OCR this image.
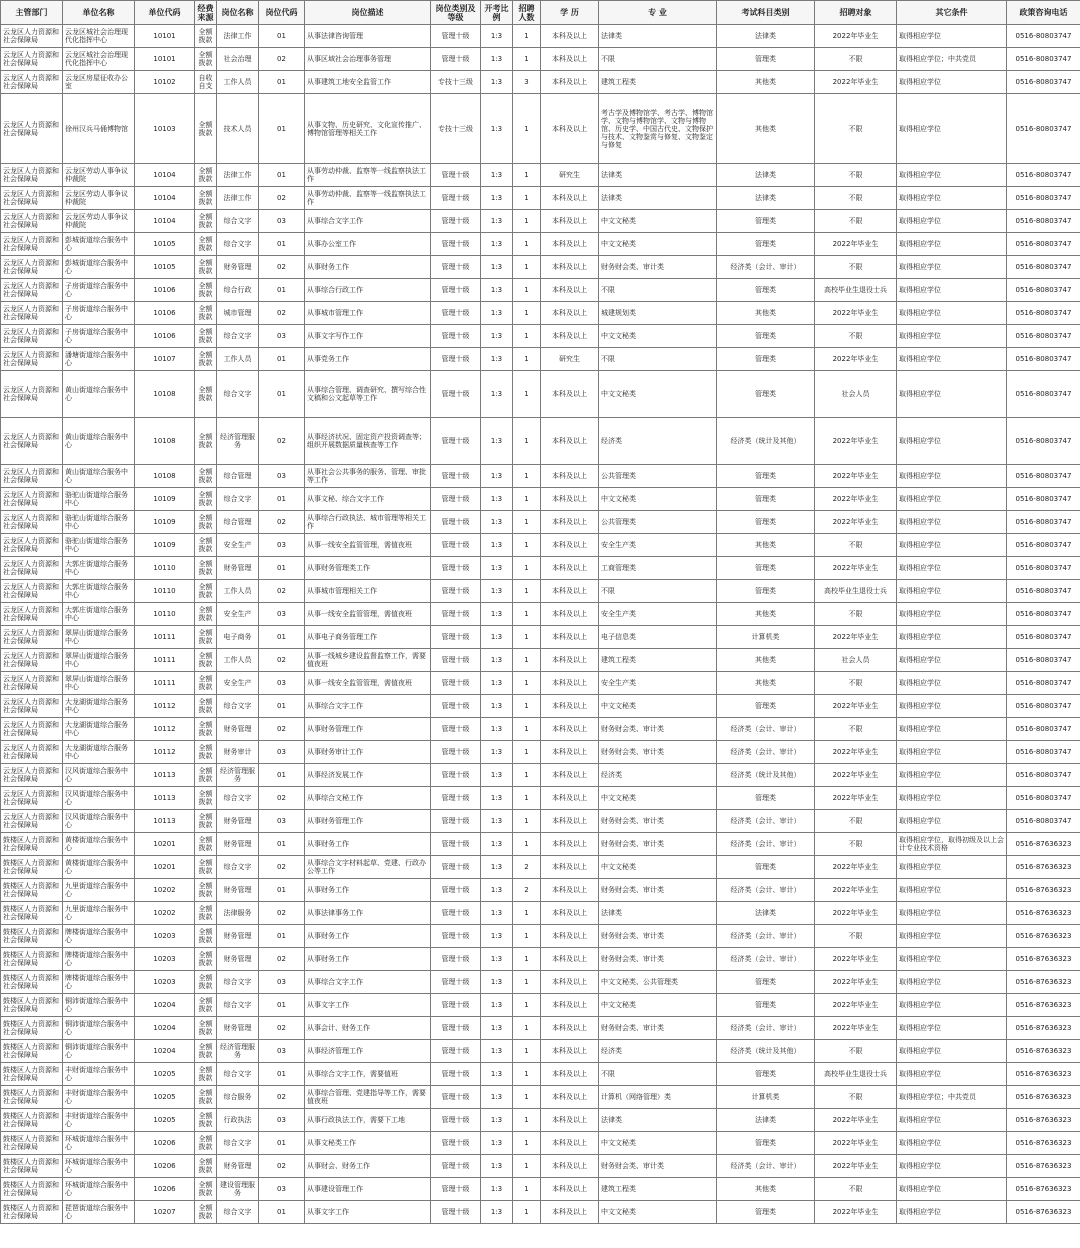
主管部门	单位名称	单位代码	经费来源	岗位名称	岗位代码	岗位描述	岗位类别及等级	开考比例	招聘人数	学 历	专 业	考试科目类别	招聘对象	其它条件	政策咨询电话
云龙区人力资源和社会保障局	云龙区城社会治理现代化指挥中心	10101	全额拨款	法律工作	01	从事法律咨询管理	管理十级	1:3	1	本科及以上	法律类	法律类	2022年毕业生	取得相应学位	0516-80803747
云龙区人力资源和社会保障局	云龙区城社会治理现代化指挥中心	10101	全额拨款	社会治理	02	从事区域社会治理事务管理	管理十级	1:3	1	本科及以上	不限	管理类	不限	取得相应学位；中共党员	0516-80803747
云龙区人力资源和社会保障局	云龙区房屋征收办公室	10102	自收自支	工作人员	01	从事建筑工地安全监管工作	专技十三级	1:3	3	本科及以上	建筑工程类	其他类	2022年毕业生	取得相应学位	0516-80803747
云龙区人力资源和社会保障局	徐州汉兵马俑博物馆	10103	全额拨款	技术人员	01	从事文物、历史研究、文化宣传推广、博物馆管理等相关工作	专技十三级	1:3	1	本科及以上	考古学及博物馆学、考古学、博物馆学、文物与博物馆学、文物与博物馆、历史学、中国古代史、文物保护与技术、文物鉴赏与修复、文物鉴定与修复	其他类	不限	取得相应学位	0516-80803747
云龙区人力资源和社会保障局	云龙区劳动人事争议仲裁院	10104	全额拨款	法律工作	01	从事劳动仲裁、监察等一线监察执法工作	管理十级	1:3	1	研究生	法律类	法律类	不限	取得相应学位	0516-80803747
云龙区人力资源和社会保障局	云龙区劳动人事争议仲裁院	10104	全额拨款	法律工作	02	从事劳动仲裁、监察等一线监察执法工作	管理十级	1:3	1	本科及以上	法律类	法律类	不限	取得相应学位	0516-80803747
云龙区人力资源和社会保障局	云龙区劳动人事争议仲裁院	10104	全额拨款	综合文字	03	从事综合文字工作	管理十级	1:3	1	本科及以上	中文文秘类	管理类	不限	取得相应学位	0516-80803747
云龙区人力资源和社会保障局	彭城街道综合服务中心	10105	全额拨款	综合文字	01	从事办公室工作	管理十级	1:3	1	本科及以上	中文文秘类	管理类	2022年毕业生	取得相应学位	0516-80803747
云龙区人力资源和社会保障局	彭城街道综合服务中心	10105	全额拨款	财务管理	02	从事财务工作	管理十级	1:3	1	本科及以上	财务财会类、审计类	经济类（会计、审计）	不限	取得相应学位	0516-80803747
云龙区人力资源和社会保障局	子房街道综合服务中心	10106	全额拨款	综合行政	01	从事综合行政工作	管理十级	1:3	1	本科及以上	不限	管理类	高校毕业生退役士兵	取得相应学位	0516-80803747
云龙区人力资源和社会保障局	子房街道综合服务中心	10106	全额拨款	城市管理	02	从事城市管理工作	管理十级	1:3	1	本科及以上	城建规划类	其他类	2022年毕业生	取得相应学位	0516-80803747
云龙区人力资源和社会保障局	子房街道综合服务中心	10106	全额拨款	综合文字	03	从事文字写作工作	管理十级	1:3	1	本科及以上	中文文秘类	管理类	不限	取得相应学位	0516-80803747
云龙区人力资源和社会保障局	潘塘街道综合服务中心	10107	全额拨款	工作人员	01	从事党务工作	管理十级	1:3	1	研究生	不限	管理类	2022年毕业生	取得相应学位	0516-80803747
云龙区人力资源和社会保障局	黄山街道综合服务中心	10108	全额拨款	综合文字	01	从事综合管理、调查研究、撰写综合性文稿和公文起草等工作	管理十级	1:3	1	本科及以上	中文文秘类	管理类	社会人员	取得相应学位	0516-80803747
云龙区人力资源和社会保障局	黄山街道综合服务中心	10108	全额拨款	经济管理服务	02	从事经济状况、固定资产投资调查等；组织开展数据质量核查等工作	管理十级	1:3	1	本科及以上	经济类	经济类（统计及其他）	2022年毕业生	取得相应学位	0516-80803747
云龙区人力资源和社会保障局	黄山街道综合服务中心	10108	全额拨款	综合管理	03	从事社会公共事务的服务、管理、审批等工作	管理十级	1:3	1	本科及以上	公共管理类	管理类	2022年毕业生	取得相应学位	0516-80803747
云龙区人力资源和社会保障局	骆驼山街道综合服务中心	10109	全额拨款	综合文字	01	从事文秘、综合文字工作	管理十级	1:3	1	本科及以上	中文文秘类	管理类	2022年毕业生	取得相应学位	0516-80803747
云龙区人力资源和社会保障局	骆驼山街道综合服务中心	10109	全额拨款	综合管理	02	从事综合行政执法、城市管理等相关工作	管理十级	1:3	1	本科及以上	公共管理类	管理类	2022年毕业生	取得相应学位	0516-80803747
云龙区人力资源和社会保障局	骆驼山街道综合服务中心	10109	全额拨款	安全生产	03	从事一线安全监管管理，需值夜班	管理十级	1:3	1	本科及以上	安全生产类	其他类	不限	取得相应学位	0516-80803747
云龙区人力资源和社会保障局	大郭庄街道综合服务中心	10110	全额拨款	财务管理	01	从事财务管理类工作	管理十级	1:3	1	本科及以上	工商管理类	管理类	2022年毕业生	取得相应学位	0516-80803747
云龙区人力资源和社会保障局	大郭庄街道综合服务中心	10110	全额拨款	工作人员	02	从事城市管理相关工作	管理十级	1:3	1	本科及以上	不限	管理类	高校毕业生退役士兵	取得相应学位	0516-80803747
云龙区人力资源和社会保障局	大郭庄街道综合服务中心	10110	全额拨款	安全生产	03	从事一线安全监管管理，需值夜班	管理十级	1:3	1	本科及以上	安全生产类	其他类	不限	取得相应学位	0516-80803747
云龙区人力资源和社会保障局	翠屏山街道综合服务中心	10111	全额拨款	电子商务	01	从事电子商务管理工作	管理十级	1:3	1	本科及以上	电子信息类	计算机类	2022年毕业生	取得相应学位	0516-80803747
云龙区人力资源和社会保障局	翠屏山街道综合服务中心	10111	全额拨款	工作人员	02	从事一线城乡建设监督监察工作，需要值夜班	管理十级	1:3	1	本科及以上	建筑工程类	其他类	社会人员	取得相应学位	0516-80803747
云龙区人力资源和社会保障局	翠屏山街道综合服务中心	10111	全额拨款	安全生产	03	从事一线安全监管管理，需值夜班	管理十级	1:3	1	本科及以上	安全生产类	其他类	不限	取得相应学位	0516-80803747
云龙区人力资源和社会保障局	大龙湖街道综合服务中心	10112	全额拨款	综合文字	01	从事综合文字工作	管理十级	1:3	1	本科及以上	中文文秘类	管理类	2022年毕业生	取得相应学位	0516-80803747
云龙区人力资源和社会保障局	大龙湖街道综合服务中心	10112	全额拨款	财务管理	02	从事财务管理工作	管理十级	1:3	1	本科及以上	财务财会类、审计类	经济类（会计、审计）	不限	取得相应学位	0516-80803747
云龙区人力资源和社会保障局	大龙湖街道综合服务中心	10112	全额拨款	财务审计	03	从事财务审计工作	管理十级	1:3	1	本科及以上	财务财会类、审计类	经济类（会计、审计）	2022年毕业生	取得相应学位	0516-80803747
云龙区人力资源和社会保障局	汉风街道综合服务中心	10113	全额拨款	经济管理服务	01	从事经济发展工作	管理十级	1:3	1	本科及以上	经济类	经济类（统计及其他）	2022年毕业生	取得相应学位	0516-80803747
云龙区人力资源和社会保障局	汉风街道综合服务中心	10113	全额拨款	综合文字	02	从事综合文秘工作	管理十级	1:3	1	本科及以上	中文文秘类	管理类	2022年毕业生	取得相应学位	0516-80803747
云龙区人力资源和社会保障局	汉风街道综合服务中心	10113	全额拨款	财务管理	03	从事财务管理工作	管理十级	1:3	1	本科及以上	财务财会类、审计类	经济类（会计、审计）	不限	取得相应学位	0516-80803747
鼓楼区人力资源和社会保障局	黄楼街道综合服务中心	10201	全额拨款	财务管理	01	从事财务工作	管理十级	1:3	1	本科及以上	财务财会类、审计类	经济类（会计、审计）	不限	取得相应学位，取得初级及以上会计专业技术资格	0516-87636323
鼓楼区人力资源和社会保障局	黄楼街道综合服务中心	10201	全额拨款	综合文字	02	从事综合文字材料起草、党建、行政办公等工作	管理十级	1:3	2	本科及以上	中文文秘类	管理类	2022年毕业生	取得相应学位	0516-87636323
鼓楼区人力资源和社会保障局	九里街道综合服务中心	10202	全额拨款	财务管理	01	从事财务工作	管理十级	1:3	2	本科及以上	财务财会类、审计类	经济类（会计、审计）	2022年毕业生	取得相应学位	0516-87636323
鼓楼区人力资源和社会保障局	九里街道综合服务中心	10202	全额拨款	法律服务	02	从事法律事务工作	管理十级	1:3	1	本科及以上	法律类	法律类	2022年毕业生	取得相应学位	0516-87636323
鼓楼区人力资源和社会保障局	牌楼街道综合服务中心	10203	全额拨款	财务管理	01	从事财务工作	管理十级	1:3	1	本科及以上	财务财会类、审计类	经济类（会计、审计）	不限	取得相应学位	0516-87636323
鼓楼区人力资源和社会保障局	牌楼街道综合服务中心	10203	全额拨款	财务管理	02	从事财务工作	管理十级	1:3	1	本科及以上	财务财会类、审计类	经济类（会计、审计）	2022年毕业生	取得相应学位	0516-87636323
鼓楼区人力资源和社会保障局	牌楼街道综合服务中心	10203	全额拨款	综合文字	03	从事综合文字工作	管理十级	1:3	1	本科及以上	中文文秘类、公共管理类	管理类	2022年毕业生	取得相应学位	0516-87636323
鼓楼区人力资源和社会保障局	铜沛街道综合服务中心	10204	全额拨款	综合文字	01	从事文字工作	管理十级	1:3	1	本科及以上	中文文秘类	管理类	2022年毕业生	取得相应学位	0516-87636323
鼓楼区人力资源和社会保障局	铜沛街道综合服务中心	10204	全额拨款	财务管理	02	从事会计、财务工作	管理十级	1:3	1	本科及以上	财务财会类、审计类	经济类（会计、审计）	2022年毕业生	取得相应学位	0516-87636323
鼓楼区人力资源和社会保障局	铜沛街道综合服务中心	10204	全额拨款	经济管理服务	03	从事经济管理工作	管理十级	1:3	1	本科及以上	经济类	经济类（统计及其他）	不限	取得相应学位	0516-87636323
鼓楼区人力资源和社会保障局	丰财街道综合服务中心	10205	全额拨款	综合文字	01	从事综合文字工作，需要值班	管理十级	1:3	1	本科及以上	不限	管理类	高校毕业生退役士兵	取得相应学位	0516-87636323
鼓楼区人力资源和社会保障局	丰财街道综合服务中心	10205	全额拨款	综合服务	02	从事综合管理、党建指导等工作，需要值夜班	管理十级	1:3	1	本科及以上	计算机（网络管理）类	计算机类	不限	取得相应学位；中共党员	0516-87636323
鼓楼区人力资源和社会保障局	丰财街道综合服务中心	10205	全额拨款	行政执法	03	从事行政执法工作，需要下工地	管理十级	1:3	1	本科及以上	法律类	法律类	2022年毕业生	取得相应学位	0516-87636323
鼓楼区人力资源和社会保障局	环城街道综合服务中心	10206	全额拨款	综合文字	01	从事文秘类工作	管理十级	1:3	1	本科及以上	中文文秘类	管理类	2022年毕业生	取得相应学位	0516-87636323
鼓楼区人力资源和社会保障局	环城街道综合服务中心	10206	全额拨款	财务管理	02	从事财会、财务工作	管理十级	1:3	1	本科及以上	财务财会类、审计类	经济类（会计、审计）	2022年毕业生	取得相应学位	0516-87636323
鼓楼区人力资源和社会保障局	环城街道综合服务中心	10206	全额拨款	建设管理服务	03	从事建设管理工作	管理十级	1:3	1	本科及以上	建筑工程类	其他类	不限	取得相应学位	0516-87636323
鼓楼区人力资源和社会保障局	琵琶街道综合服务中心	10207	全额拨款	综合文字	01	从事文字工作	管理十级	1:3	1	本科及以上	中文文秘类	管理类	2022年毕业生	取得相应学位	0516-87636323
